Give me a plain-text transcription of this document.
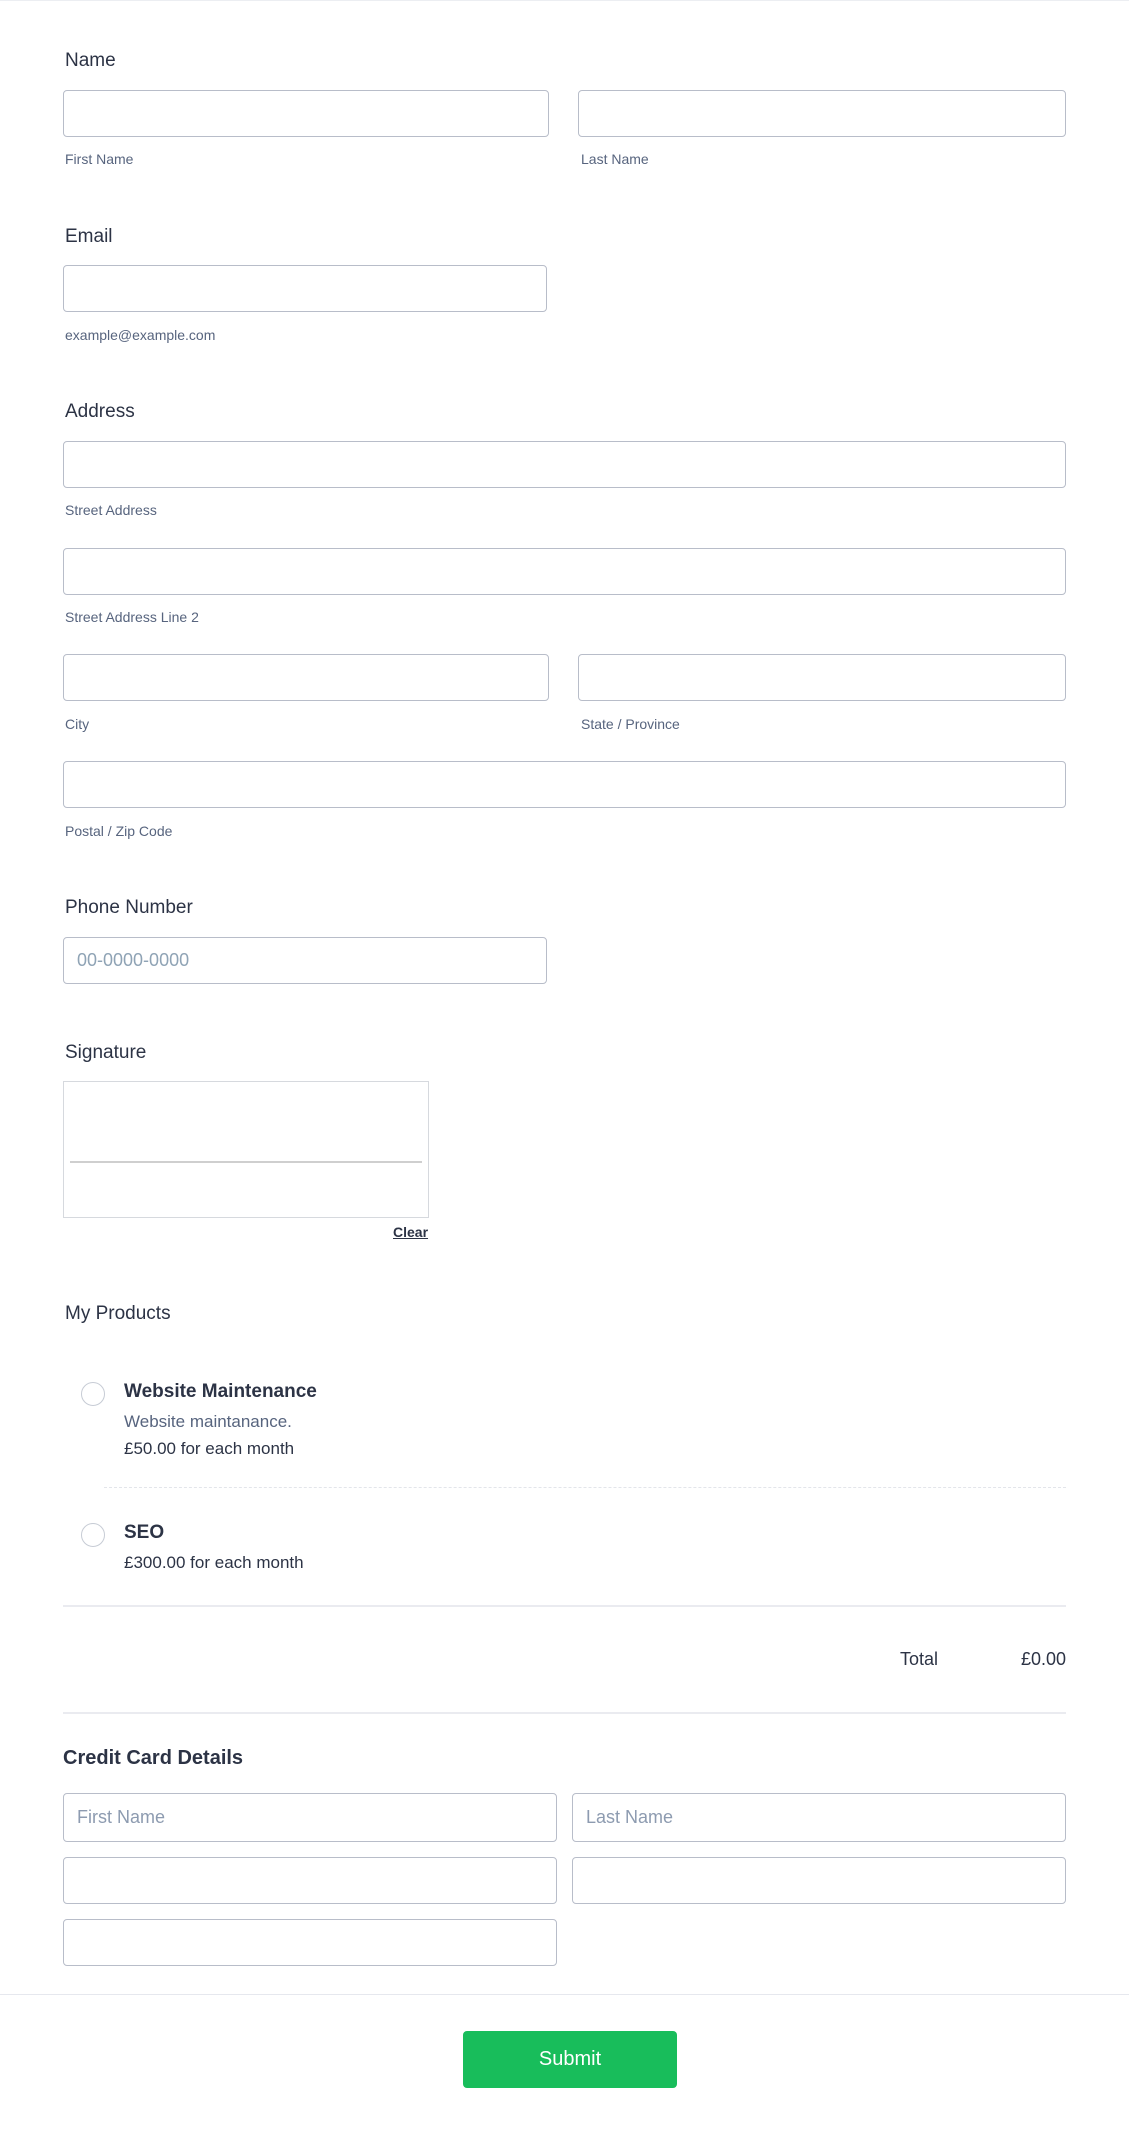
Name
First Name	Last Name
Email
example@example.com
Address
Street Address
Street Address Line 2
City	State / Province
Postal / Zip Code
Phone Number
00-0000-0000
Signature
Clear
My Products
Website Maintenance
Website maintanance.
£50.00 for each month
SEO
£300.00 for each month
Total	£0.00
Credit Card Details
First Name
Last Name
Submit
